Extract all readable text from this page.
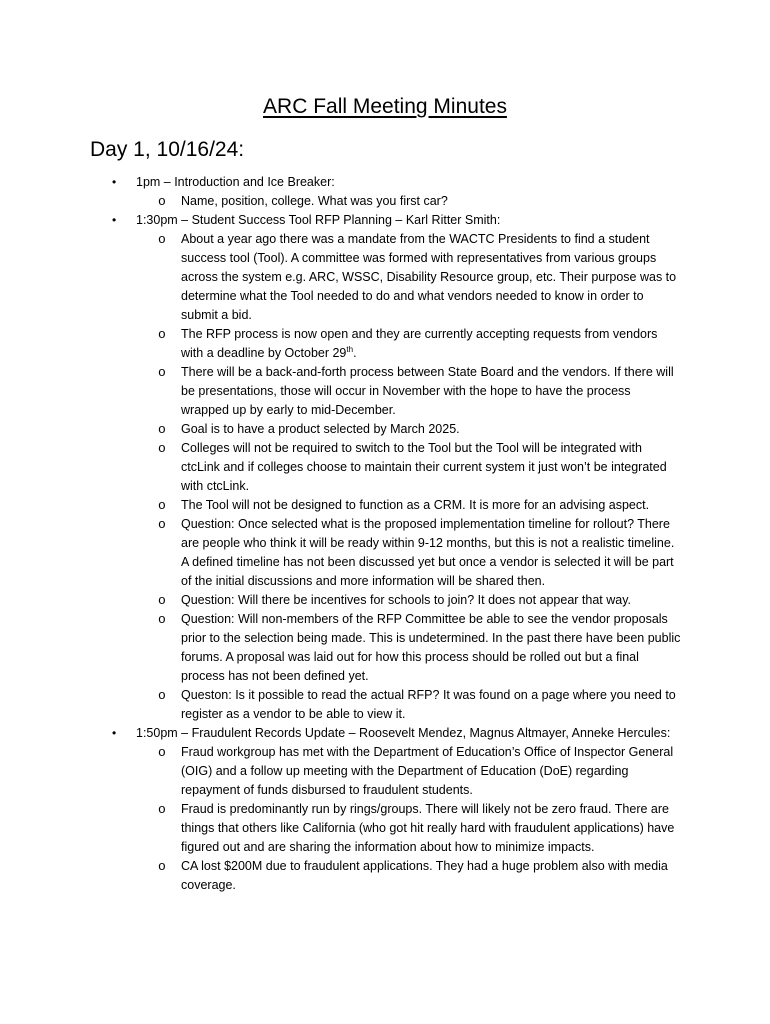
ARC Fall Meeting Minutes
Day 1, 10/16/24:
• 1pm – Introduction and Ice Breaker:
o Name, position, college. What was you first car?
• 1:30pm – Student Success Tool RFP Planning – Karl Ritter Smith:
o About a year ago there was a mandate from the WACTC Presidents to find a student success tool (Tool). A committee was formed with representatives from various groups across the system e.g. ARC, WSSC, Disability Resource group, etc. Their purpose was to determine what the Tool needed to do and what vendors needed to know in order to submit a bid.
o The RFP process is now open and they are currently accepting requests from vendors with a deadline by October 29th.
o There will be a back-and-forth process between State Board and the vendors. If there will be presentations, those will occur in November with the hope to have the process wrapped up by early to mid-December.
o Goal is to have a product selected by March 2025.
o Colleges will not be required to switch to the Tool but the Tool will be integrated with ctcLink and if colleges choose to maintain their current system it just won’t be integrated with ctcLink.
o The Tool will not be designed to function as a CRM. It is more for an advising aspect.
o Question: Once selected what is the proposed implementation timeline for rollout? There are people who think it will be ready within 9-12 months, but this is not a realistic timeline. A defined timeline has not been discussed yet but once a vendor is selected it will be part of the initial discussions and more information will be shared then.
o Question: Will there be incentives for schools to join? It does not appear that way.
o Question: Will non-members of the RFP Committee be able to see the vendor proposals prior to the selection being made. This is undetermined. In the past there have been public forums. A proposal was laid out for how this process should be rolled out but a final process has not been defined yet.
o Queston: Is it possible to read the actual RFP? It was found on a page where you need to register as a vendor to be able to view it.
• 1:50pm – Fraudulent Records Update – Roosevelt Mendez, Magnus Altmayer, Anneke Hercules:
o Fraud workgroup has met with the Department of Education’s Office of Inspector General (OIG) and a follow up meeting with the Department of Education (DoE) regarding repayment of funds disbursed to fraudulent students.
o Fraud is predominantly run by rings/groups. There will likely not be zero fraud. There are things that others like California (who got hit really hard with fraudulent applications) have figured out and are sharing the information about how to minimize impacts.
o CA lost $200M due to fraudulent applications. They had a huge problem also with media coverage.
